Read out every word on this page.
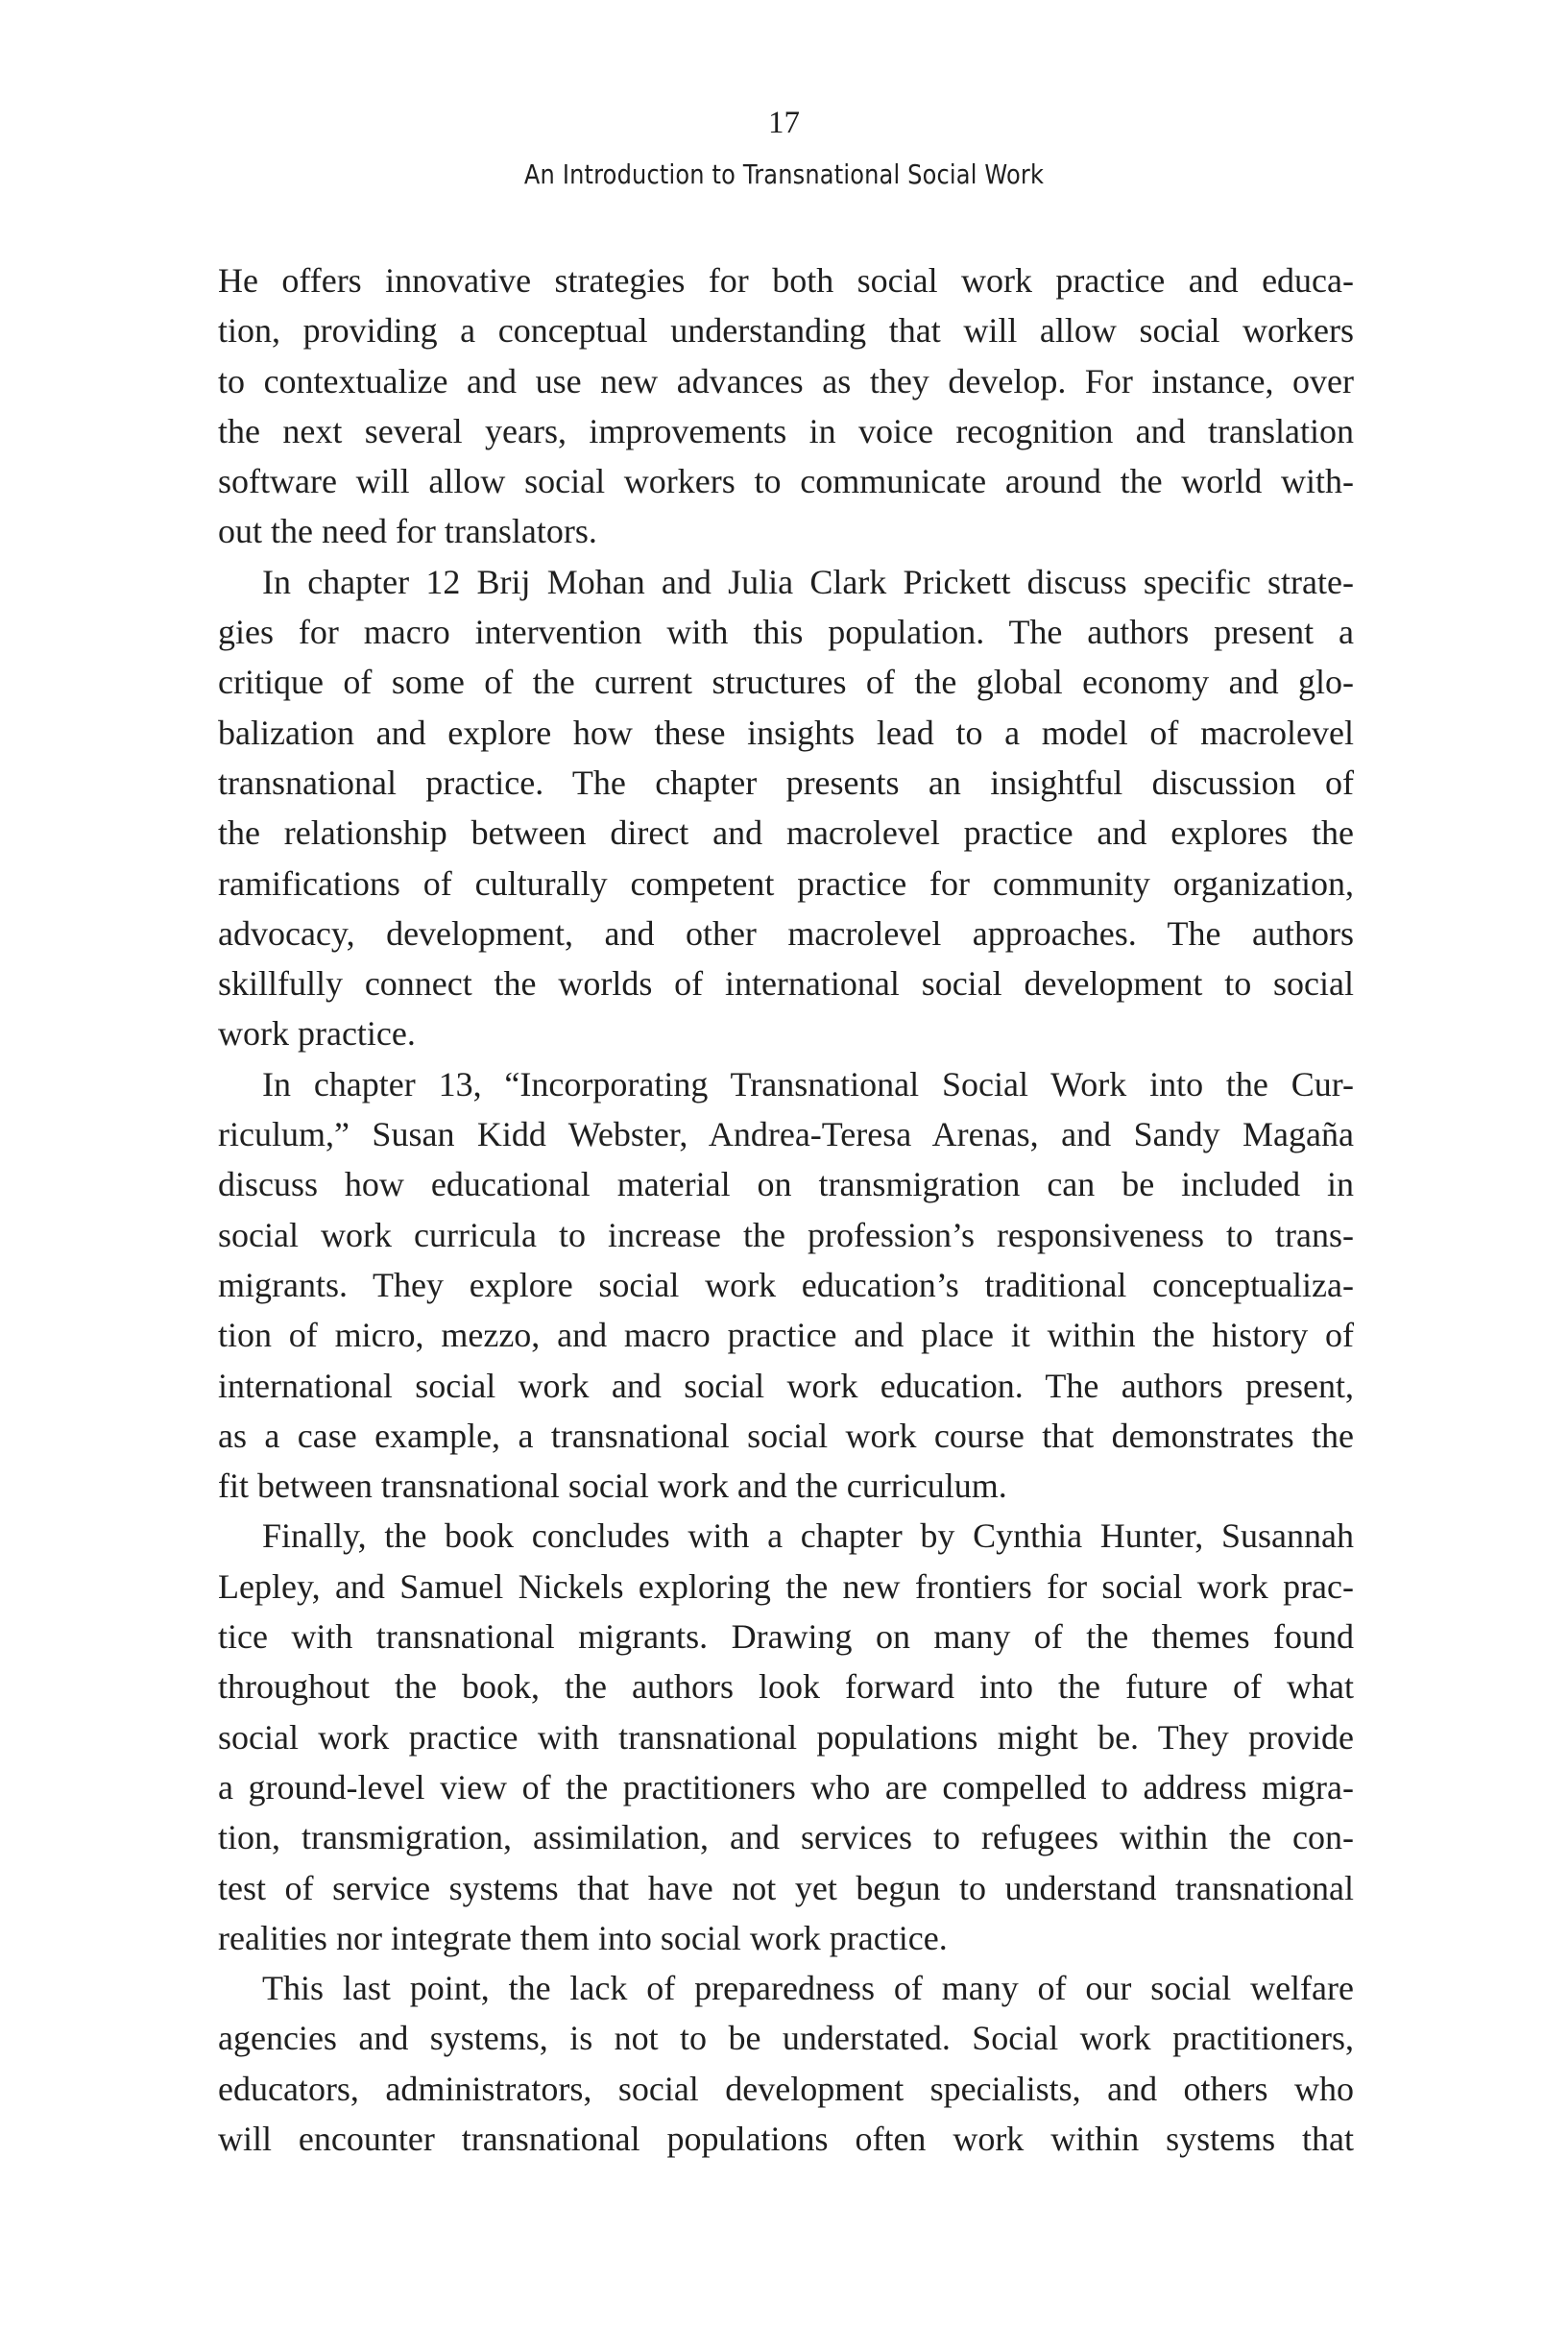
17
An Introduction to Transnational Social Work
He offers innovative strategies for both social work practice and educa-
tion, providing a conceptual understanding that will allow social workers
to contextualize and use new advances as they develop. For instance, over
the next several years, improvements in voice recognition and translation
software will allow social workers to communicate around the world with-
out the need for translators.
In chapter 12 Brij Mohan and Julia Clark Prickett discuss specific strate-
gies for macro intervention with this population. The authors present a
critique of some of the current structures of the global economy and glo-
balization and explore how these insights lead to a model of macrolevel
transnational practice. The chapter presents an insightful discussion of
the relationship between direct and macrolevel practice and explores the
ramifications of culturally competent practice for community organization,
advocacy, development, and other macrolevel approaches. The authors
skillfully connect the worlds of international social development to social
work practice.
In chapter 13, “Incorporating Transnational Social Work into the Cur-
riculum,” Susan Kidd Webster, Andrea-Teresa Arenas, and Sandy Magaña
discuss how educational material on transmigration can be included in
social work curricula to increase the profession’s responsiveness to trans-
migrants. They explore social work education’s traditional conceptualiza-
tion of micro, mezzo, and macro practice and place it within the history of
international social work and social work education. The authors present,
as a case example, a transnational social work course that demonstrates the
fit between transnational social work and the curriculum.
Finally, the book concludes with a chapter by Cynthia Hunter, Susannah
Lepley, and Samuel Nickels exploring the new frontiers for social work prac-
tice with transnational migrants. Drawing on many of the themes found
throughout the book, the authors look forward into the future of what
social work practice with transnational populations might be. They provide
a ground-level view of the practitioners who are compelled to address migra-
tion, transmigration, assimilation, and services to refugees within the con-
test of service systems that have not yet begun to understand transnational
realities nor integrate them into social work practice.
This last point, the lack of preparedness of many of our social welfare
agencies and systems, is not to be understated. Social work practitioners,
educators, administrators, social development specialists, and others who
will encounter transnational populations often work within systems that
